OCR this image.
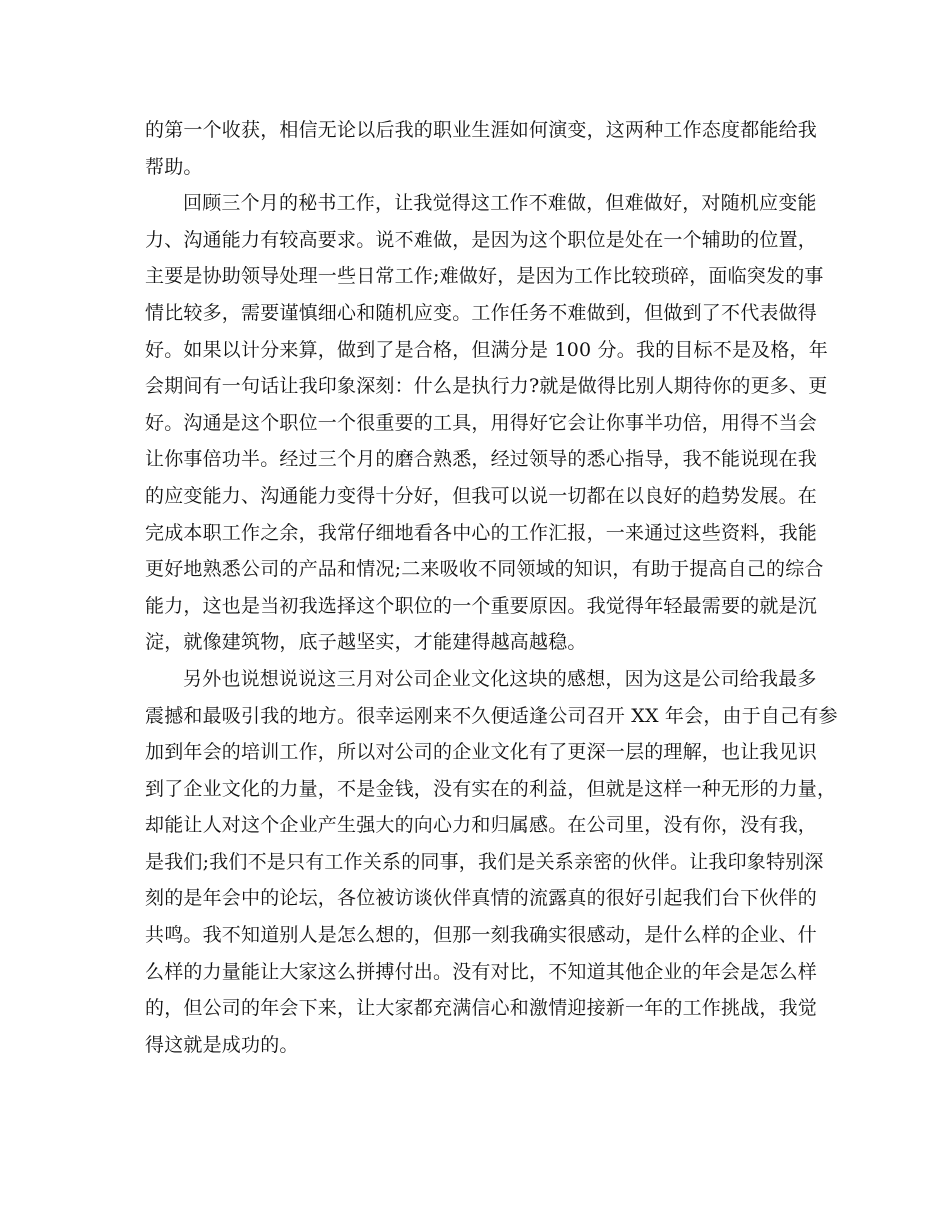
的第一个收获，相信无论以后我的职业生涯如何演变，这两种工作态度都能给我
帮助。
回顾三个月的秘书工作，让我觉得这工作不难做，但难做好，对随机应变能
力、沟通能力有较高要求。说不难做，是因为这个职位是处在一个辅助的位置，
主要是协助领导处理一些日常工作;难做好，是因为工作比较琐碎，面临突发的事
情比较多，需要谨慎细心和随机应变。工作任务不难做到，但做到了不代表做得
好。如果以计分来算，做到了是合格，但满分是 100 分。我的目标不是及格，年
会期间有一句话让我印象深刻：什么是执行力?就是做得比别人期待你的更多、更
好。沟通是这个职位一个很重要的工具，用得好它会让你事半功倍，用得不当会
让你事倍功半。经过三个月的磨合熟悉，经过领导的悉心指导，我不能说现在我
的应变能力、沟通能力变得十分好，但我可以说一切都在以良好的趋势发展。在
完成本职工作之余，我常仔细地看各中心的工作汇报，一来通过这些资料，我能
更好地熟悉公司的产品和情况;二来吸收不同领域的知识，有助于提高自己的综合
能力，这也是当初我选择这个职位的一个重要原因。我觉得年轻最需要的就是沉
淀，就像建筑物，底子越坚实，才能建得越高越稳。
另外也说想说说这三月对公司企业文化这块的感想，因为这是公司给我最多
震撼和最吸引我的地方。很幸运刚来不久便适逢公司召开 XX 年会，由于自己有参
加到年会的培训工作，所以对公司的企业文化有了更深一层的理解，也让我见识
到了企业文化的力量，不是金钱，没有实在的利益，但就是这样一种无形的力量，
却能让人对这个企业产生强大的向心力和归属感。在公司里，没有你，没有我，
是我们;我们不是只有工作关系的同事，我们是关系亲密的伙伴。让我印象特别深
刻的是年会中的论坛，各位被访谈伙伴真情的流露真的很好引起我们台下伙伴的
共鸣。我不知道别人是怎么想的，但那一刻我确实很感动，是什么样的企业、什
么样的力量能让大家这么拼搏付出。没有对比，不知道其他企业的年会是怎么样
的，但公司的年会下来，让大家都充满信心和激情迎接新一年的工作挑战，我觉
得这就是成功的。
